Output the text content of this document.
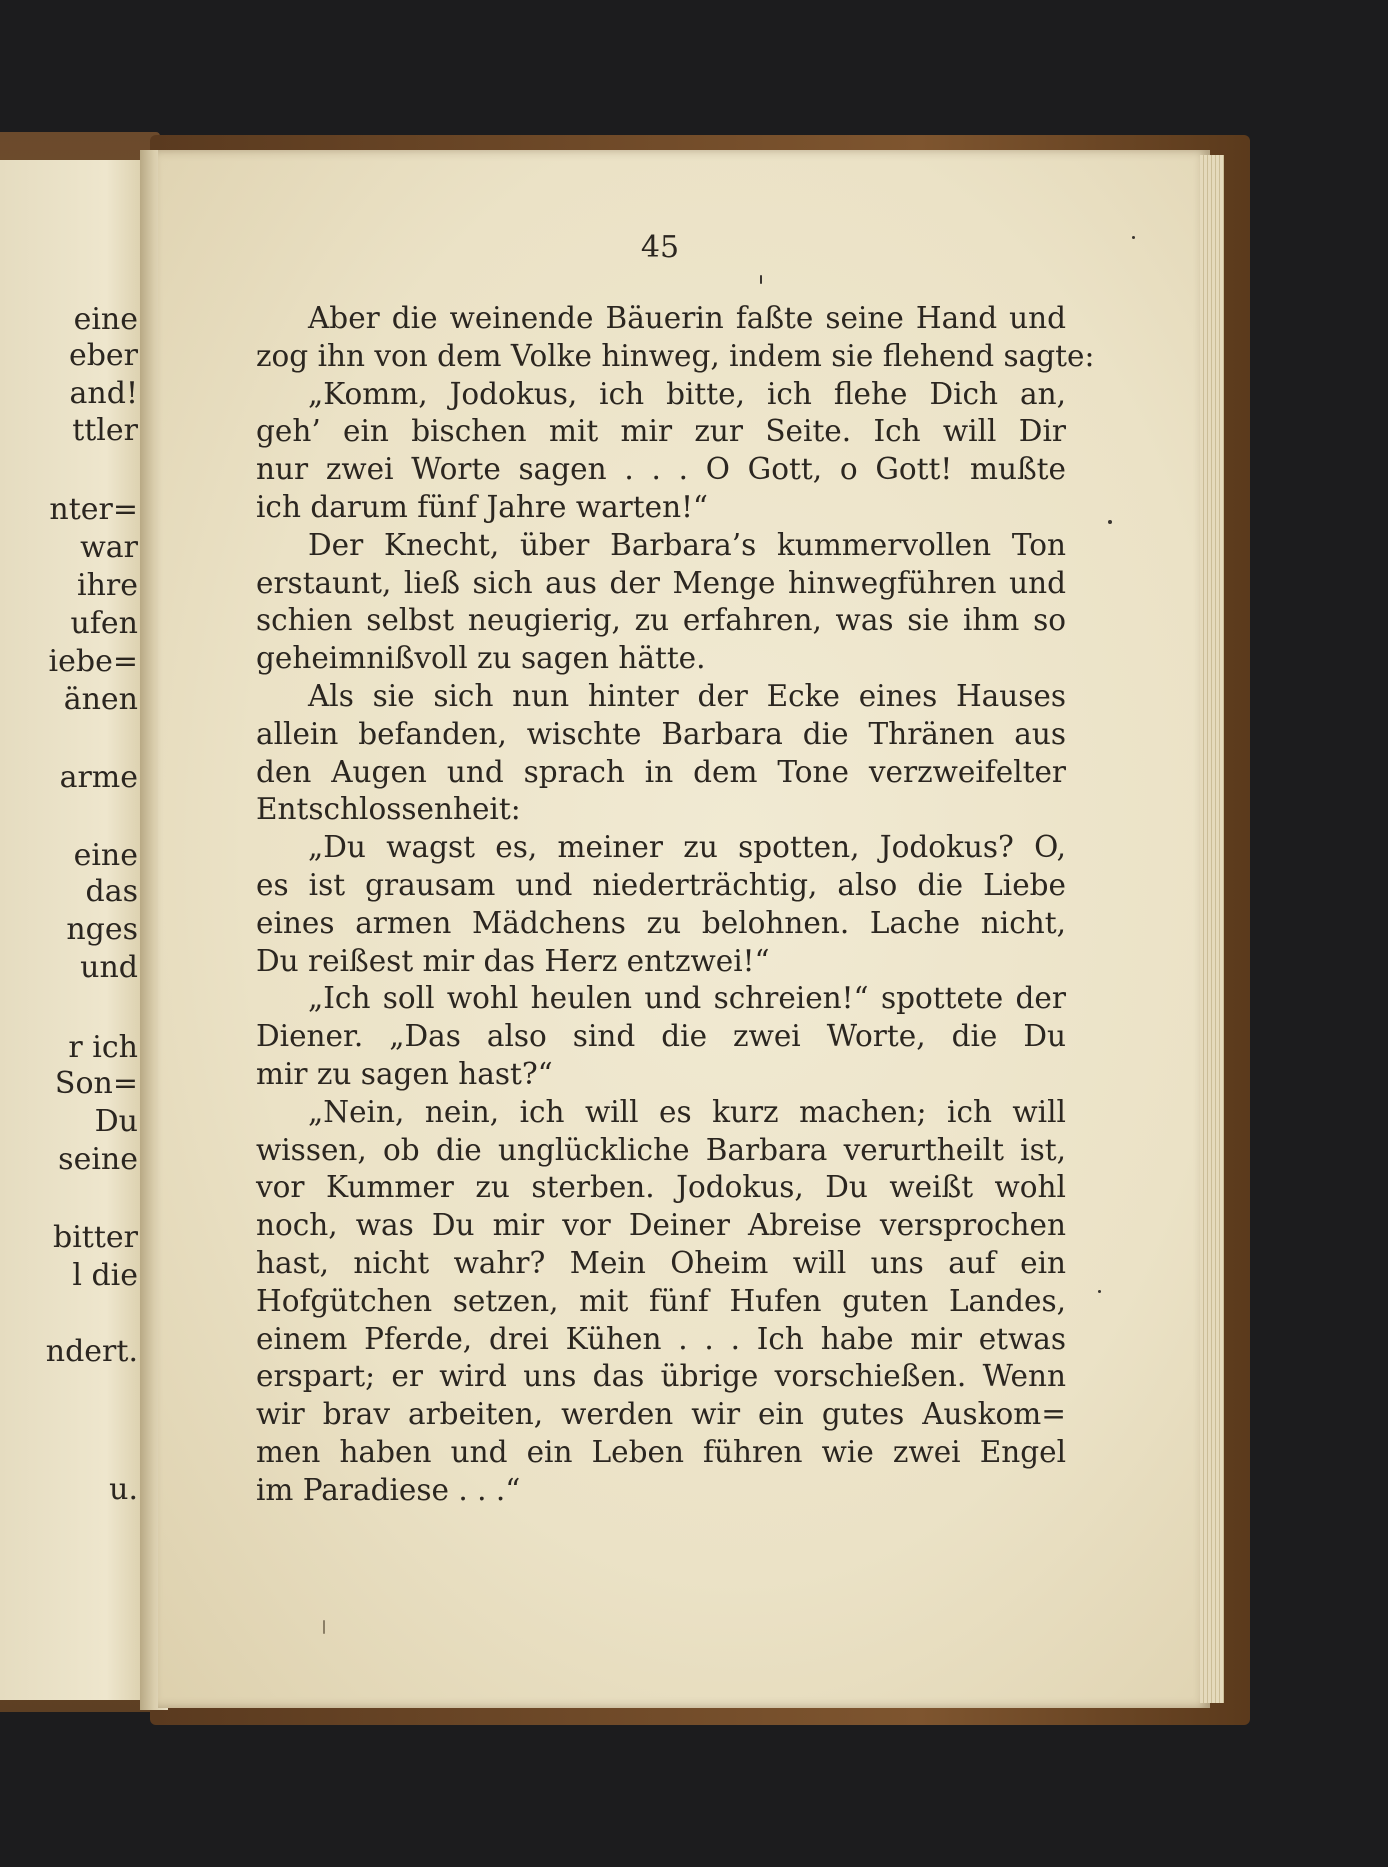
eine
eber
and!
ttler
nter=
war
ihre
ufen
iebe=
änen
arme
eine
das
nges
und
r ich
Son=
Du
seine
bitter
l die
ndert.
u.
45
Aber die weinende Bäuerin faßte seine Hand und
zog ihn von dem Volke hinweg, indem sie flehend sagte:
„Komm, Jodokus, ich bitte, ich flehe Dich an,
geh’ ein bischen mit mir zur Seite. Ich will Dir
nur zwei Worte sagen . . . O Gott, o Gott! mußte
ich darum fünf Jahre warten!“
Der Knecht, über Barbara’s kummervollen Ton
erstaunt, ließ sich aus der Menge hinwegführen und
schien selbst neugierig, zu erfahren, was sie ihm so
geheimnißvoll zu sagen hätte.
Als sie sich nun hinter der Ecke eines Hauses
allein befanden, wischte Barbara die Thränen aus
den Augen und sprach in dem Tone verzweifelter
Entschlossenheit:
„Du wagst es, meiner zu spotten, Jodokus? O,
es ist grausam und niederträchtig, also die Liebe
eines armen Mädchens zu belohnen. Lache nicht,
Du reißest mir das Herz entzwei!“
„Ich soll wohl heulen und schreien!“ spottete der
Diener. „Das also sind die zwei Worte, die Du
mir zu sagen hast?“
„Nein, nein, ich will es kurz machen; ich will
wissen, ob die unglückliche Barbara verurtheilt ist,
vor Kummer zu sterben. Jodokus, Du weißt wohl
noch, was Du mir vor Deiner Abreise versprochen
hast, nicht wahr? Mein Oheim will uns auf ein
Hofgütchen setzen, mit fünf Hufen guten Landes,
einem Pferde, drei Kühen . . . Ich habe mir etwas
erspart; er wird uns das übrige vorschießen. Wenn
wir brav arbeiten, werden wir ein gutes Auskom=
men haben und ein Leben führen wie zwei Engel
im Paradiese . . .“
